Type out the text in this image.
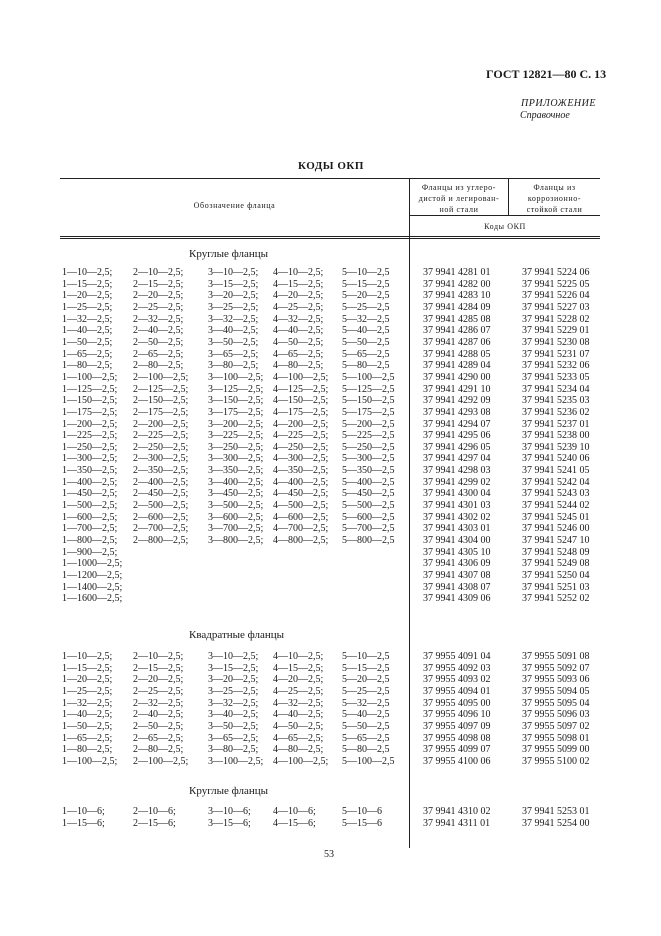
ГОСТ 12821—80 С. 13
ПРИЛОЖЕНИЕ
Справочное
КОДЫ ОКП
Обозначение фланца
Фланцы из углеро-
дистой и легирован-
ной стали
Фланцы из
коррозионно-
стойкой стали
Коды ОКП
Круглые фланцы
1—10—2,5; 2—10—2,5; 3—10—2,5; 4—10—2,5; 5—10—2,5	37 9941 4281 01	37 9941 5224 06
1—15—2,5; 2—15—2,5; 3—15—2,5; 4—15—2,5; 5—15—2,5	37 9941 4282 00	37 9941 5225 05
1—20—2,5; 2—20—2,5; 3—20—2,5; 4—20—2,5; 5—20—2,5	37 9941 4283 10	37 9941 5226 04
1—25—2,5; 2—25—2,5; 3—25—2,5; 4—25—2,5; 5—25—2,5	37 9941 4284 09	37 9941 5227 03
1—32—2,5; 2—32—2,5; 3—32—2,5; 4—32—2,5; 5—32—2,5	37 9941 4285 08	37 9941 5228 02
1—40—2,5; 2—40—2,5; 3—40—2,5; 4—40—2,5; 5—40—2,5	37 9941 4286 07	37 9941 5229 01
1—50—2,5; 2—50—2,5; 3—50—2,5; 4—50—2,5; 5—50—2,5	37 9941 4287 06	37 9941 5230 08
1—65—2,5; 2—65—2,5; 3—65—2,5; 4—65—2,5; 5—65—2,5	37 9941 4288 05	37 9941 5231 07
1—80—2,5; 2—80—2,5; 3—80—2,5; 4—80—2,5; 5—80—2,5	37 9941 4289 04	37 9941 5232 06
1—100—2,5; 2—100—2,5; 3—100—2,5; 4—100—2,5; 5—100—2,5	37 9941 4290 00	37 9941 5233 05
1—125—2,5; 2—125—2,5; 3—125—2,5; 4—125—2,5; 5—125—2,5	37 9941 4291 10	37 9941 5234 04
1—150—2,5; 2—150—2,5; 3—150—2,5; 4—150—2,5; 5—150—2,5	37 9941 4292 09	37 9941 5235 03
1—175—2,5; 2—175—2,5; 3—175—2,5; 4—175—2,5; 5—175—2,5	37 9941 4293 08	37 9941 5236 02
1—200—2,5; 2—200—2,5; 3—200—2,5; 4—200—2,5; 5—200—2,5	37 9941 4294 07	37 9941 5237 01
1—225—2,5; 2—225—2,5; 3—225—2,5; 4—225—2,5; 5—225—2,5	37 9941 4295 06	37 9941 5238 00
1—250—2,5; 2—250—2,5; 3—250—2,5; 4—250—2,5; 5—250—2,5	37 9941 4296 05	37 9941 5239 10
1—300—2,5; 2—300—2,5; 3—300—2,5; 4—300—2,5; 5—300—2,5	37 9941 4297 04	37 9941 5240 06
1—350—2,5; 2—350—2,5; 3—350—2,5; 4—350—2,5; 5—350—2,5	37 9941 4298 03	37 9941 5241 05
1—400—2,5; 2—400—2,5; 3—400—2,5; 4—400—2,5; 5—400—2,5	37 9941 4299 02	37 9941 5242 04
1—450—2,5; 2—450—2,5; 3—450—2,5; 4—450—2,5; 5—450—2,5	37 9941 4300 04	37 9941 5243 03
1—500—2,5; 2—500—2,5; 3—500—2,5; 4—500—2,5; 5—500—2,5	37 9941 4301 03	37 9941 5244 02
1—600—2,5; 2—600—2,5; 3—600—2,5; 4—600—2,5; 5—600—2,5	37 9941 4302 02	37 9941 5245 01
1—700—2,5; 2—700—2,5; 3—700—2,5; 4—700—2,5; 5—700—2,5	37 9941 4303 01	37 9941 5246 00
1—800—2,5; 2—800—2,5; 3—800—2,5; 4—800—2,5; 5—800—2,5	37 9941 4304 00	37 9941 5247 10
1—900—2,5;	37 9941 4305 10	37 9941 5248 09
1—1000—2,5;	37 9941 4306 09	37 9941 5249 08
1—1200—2,5;	37 9941 4307 08	37 9941 5250 04
1—1400—2,5;	37 9941 4308 07	37 9941 5251 03
1—1600—2,5;	37 9941 4309 06	37 9941 5252 02
Квадратные фланцы
1—10—2,5; 2—10—2,5; 3—10—2,5; 4—10—2,5; 5—10—2,5	37 9955 4091 04	37 9955 5091 08
1—15—2,5; 2—15—2,5; 3—15—2,5; 4—15—2,5; 5—15—2,5	37 9955 4092 03	37 9955 5092 07
1—20—2,5; 2—20—2,5; 3—20—2,5; 4—20—2,5; 5—20—2,5	37 9955 4093 02	37 9955 5093 06
1—25—2,5; 2—25—2,5; 3—25—2,5; 4—25—2,5; 5—25—2,5	37 9955 4094 01	37 9955 5094 05
1—32—2,5; 2—32—2,5; 3—32—2,5; 4—32—2,5; 5—32—2,5	37 9955 4095 00	37 9955 5095 04
1—40—2,5; 2—40—2,5; 3—40—2,5; 4—40—2,5; 5—40—2,5	37 9955 4096 10	37 9955 5096 03
1—50—2,5; 2—50—2,5; 3—50—2,5; 4—50—2,5; 5—50—2,5	37 9955 4097 09	37 9955 5097 02
1—65—2,5; 2—65—2,5; 3—65—2,5; 4—65—2,5; 5—65—2,5	37 9955 4098 08	37 9955 5098 01
1—80—2,5; 2—80—2,5; 3—80—2,5; 4—80—2,5; 5—80—2,5	37 9955 4099 07	37 9955 5099 00
1—100—2,5; 2—100—2,5; 3—100—2,5; 4—100—2,5; 5—100—2,5	37 9955 4100 06	37 9955 5100 02
Круглые фланцы
1—10—6;	2—10—6;	3—10—6; 4—10—6;	5—10—6	37 9941 4310 02	37 9941 5253 01
1—15—6;	2—15—6;	3—15—6; 4—15—6;	5—15—6	37 9941 4311 01	37 9941 5254 00
53
